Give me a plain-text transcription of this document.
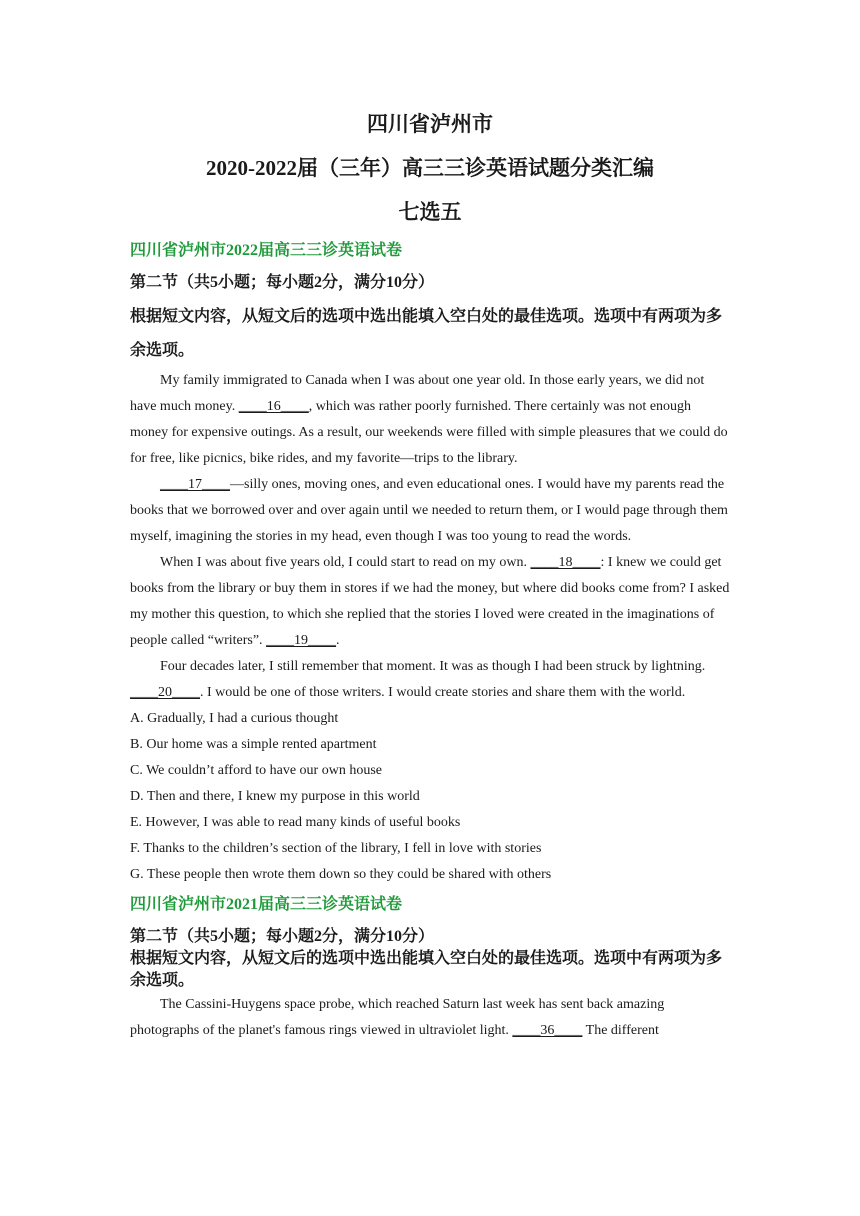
四川省泸州市
2020-2022届（三年）高三三诊英语试题分类汇编
七选五
四川省泸州市2022届高三三诊英语试卷
第二节（共5小题；每小题2分，满分10分）
根据短文内容，从短文后的选项中选出能填入空白处的最佳选项。选项中有两项为多余选项。

My family immigrated to Canada when I was about one year old. In those early years, we did not have much money. ____16____, which was rather poorly furnished. There certainly was not enough money for expensive outings. As a result, our weekends were filled with simple pleasures that we could do for free, like picnics, bike rides, and my favorite—trips to the library.

____17____—silly ones, moving ones, and even educational ones. I would have my parents read the books that we borrowed over and over again until we needed to return them, or I would page through them myself, imagining the stories in my head, even though I was too young to read the words.

When I was about five years old, I could start to read on my own. ____18____: I knew we could get books from the library or buy them in stores if we had the money, but where did books come from? I asked my mother this question, to which she replied that the stories I loved were created in the imaginations of people called “writers”. ____19____.

Four decades later, I still remember that moment. It was as though I had been struck by lightning. ____20____. I would be one of those writers. I would create stories and share them with the world.

A. Gradually, I had a curious thought

B. Our home was a simple rented apartment

C. We couldn’t afford to have our own house

D. Then and there, I knew my purpose in this world

E. However, I was able to read many kinds of useful books

F. Thanks to the children’s section of the library, I fell in love with stories

G. These people then wrote them down so they could be shared with others

四川省泸州市2021届高三三诊英语试卷
第二节（共5小题；每小题2分，满分10分）
根据短文内容，从短文后的选项中选出能填入空白处的最佳选项。选项中有两项为多余选项。

The Cassini-Huygens space probe, which reached Saturn last week has sent back amazing photographs of the planet's famous rings viewed in ultraviolet light. ____36____ The different
